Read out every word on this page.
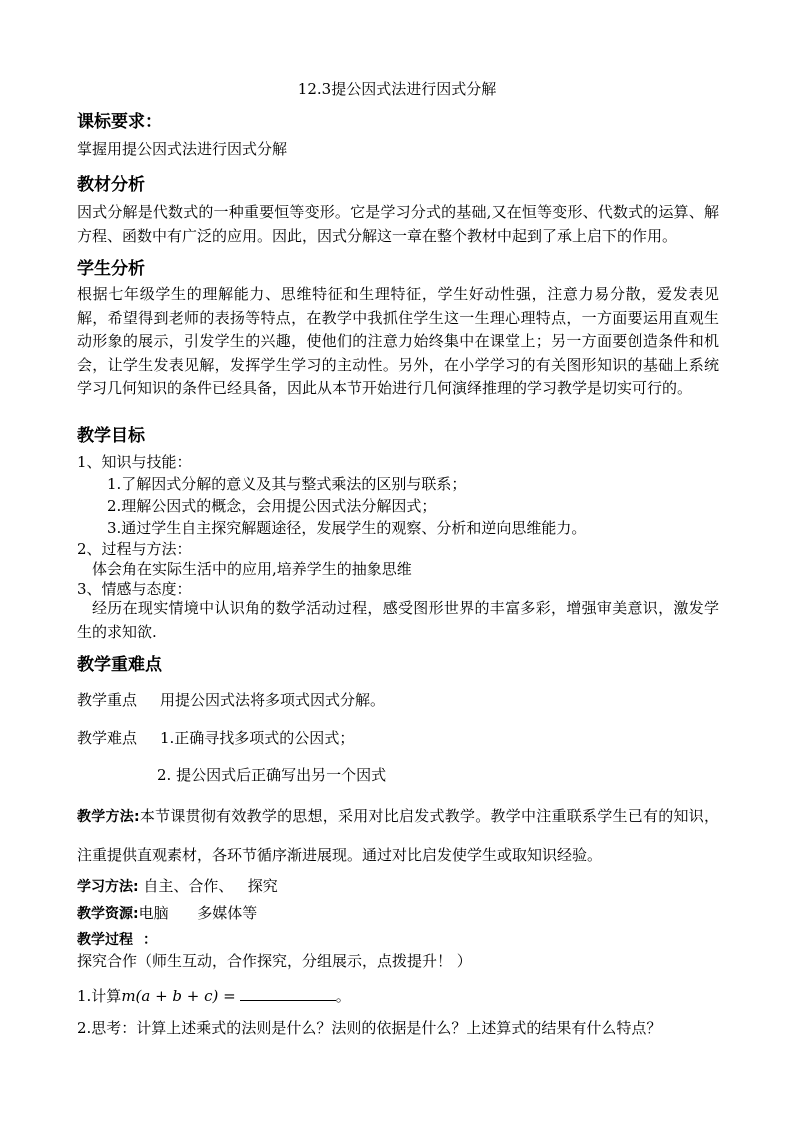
12.3提公因式法进行因式分解
课标要求：
掌握用提公因式法进行因式分解
教材分析
因式分解是代数式的一种重要恒等变形。它是学习分式的基础,又在恒等变形、代数式的运算、解方程、函数中有广泛的应用。因此，因式分解这一章在整个教材中起到了承上启下的作用。
学生分析
根据七年级学生的理解能力、思维特征和生理特征，学生好动性强，注意力易分散，爱发表见解，希望得到老师的表扬等特点，在教学中我抓住学生这一生理心理特点，一方面要运用直观生动形象的展示，引发学生的兴趣，使他们的注意力始终集中在课堂上；另一方面要创造条件和机会，让学生发表见解，发挥学生学习的主动性。另外，在小学学习的有关图形知识的基础上系统学习几何知识的条件已经具备，因此从本节开始进行几何演绎推理的学习教学是切实可行的。
教学目标
1、知识与技能：
1.了解因式分解的意义及其与整式乘法的区别与联系；
2.理解公因式的概念，会用提公因式法分解因式；
3.通过学生自主探究解题途径，发展学生的观察、分析和逆向思维能力。
2、过程与方法：
体会角在实际生活中的应用,培养学生的抽象思维
3、情感与态度：
经历在现实情境中认识角的数学活动过程，感受图形世界的丰富多彩，增强审美意识，激发学生的求知欲.
教学重难点
教学重点 用提公因式法将多项式因式分解。
教学难点 1.正确寻找多项式的公因式；
2. 提公因式后正确写出另一个因式
教学方法:本节课贯彻有效教学的思想，采用对比启发式教学。教学中注重联系学生已有的知识，注重提供直观素材，各环节循序渐进展现。通过对比启发使学生或取知识经验。
学习方法: 自主、合作、   探究
教学资源:电脑      多媒体等
教学过程 ：
探究合作（师生互动，合作探究，分组展示，点拨提升！ ）
1.计算m(a + b + c) =	。
2.思考：计算上述乘式的法则是什么？法则的依据是什么？上述算式的结果有什么特点？
